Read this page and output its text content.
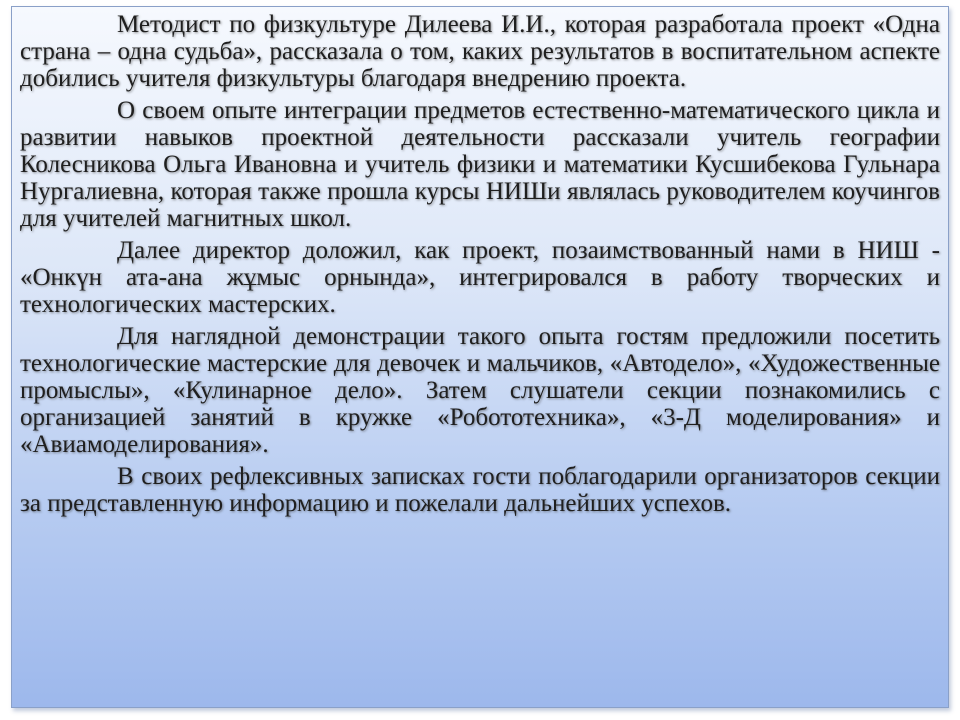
Методист по физкультуре Дилеева И.И., которая разработала проект «Одна страна – одна судьба», рассказала о том, каких результатов в воспитательном аспекте добились учителя физкультуры благодаря внедрению проекта.

О своем опыте интеграции предметов естественно-математического цикла и развитии навыков проектной деятельности рассказали учитель географии Колесникова Ольга Ивановна и учитель физики и математики Кусшибекова Гульнара Нургалиевна, которая также прошла курсы НИШи являлась руководителем коучингов для учителей магнитных школ.

Далее директор доложил, как проект, позаимствованный нами в НИШ - «Онкүн ата-ана жұмыс орнында», интегрировался в работу творческих и технологических мастерских.

Для наглядной демонстрации такого опыта гостям предложили посетить технологические мастерские для девочек и мальчиков, «Автодело», «Художественные промыслы», «Кулинарное дело». Затем слушатели секции познакомились с организацией занятий в кружке «Робототехника», «3-Д моделирования» и «Авиамоделирования».

В своих рефлексивных записках гости поблагодарили организаторов секции за представленную информацию и пожелали дальнейших успехов.
